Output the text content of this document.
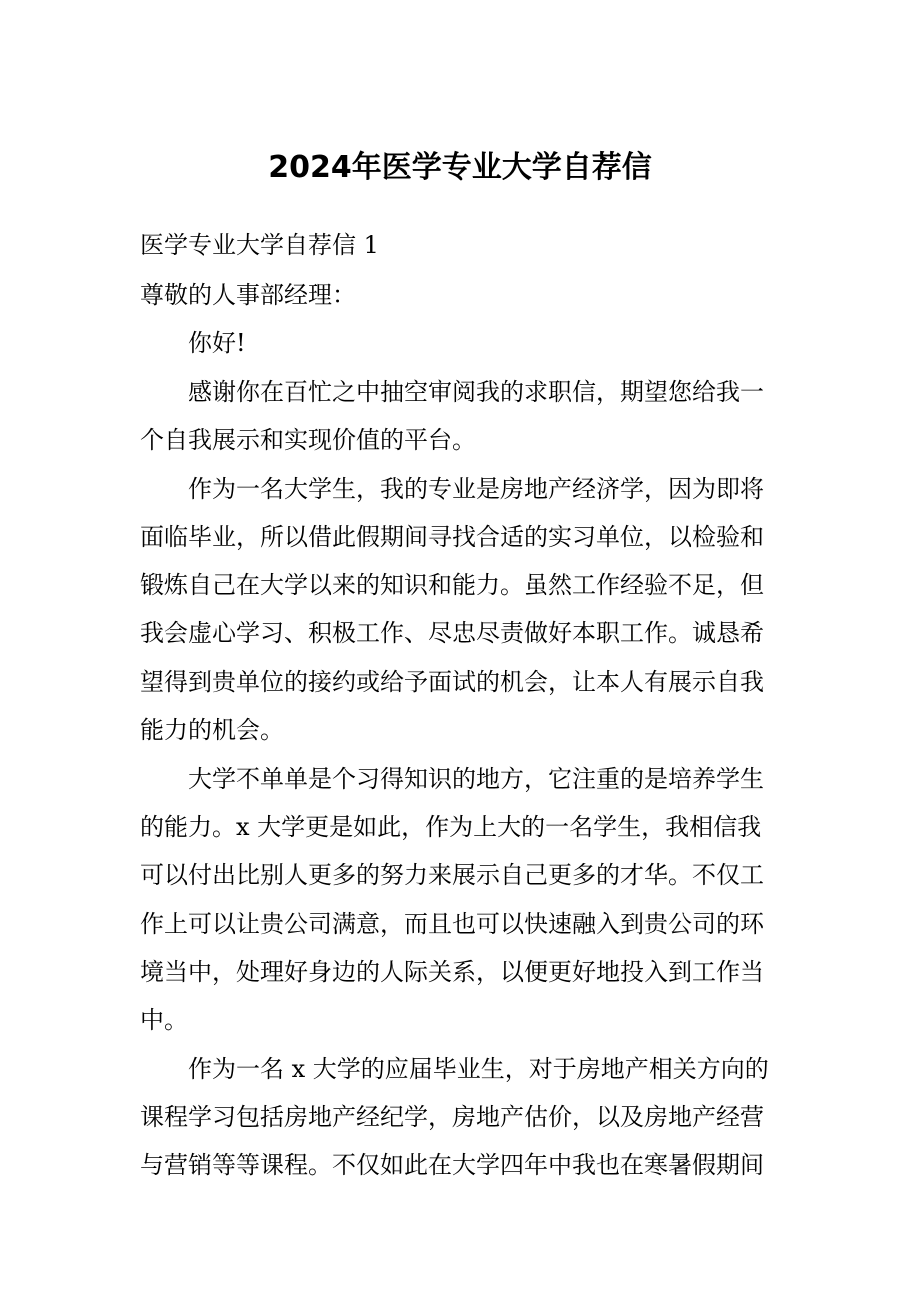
2024年医学专业大学自荐信
医学专业大学自荐信 1
尊敬的人事部经理：
你好!
感谢你在百忙之中抽空审阅我的求职信，期望您给我一
个自我展示和实现价值的平台。
作为一名大学生，我的专业是房地产经济学，因为即将
面临毕业，所以借此假期间寻找合适的实习单位，以检验和
锻炼自己在大学以来的知识和能力。虽然工作经验不足，但
我会虚心学习、积极工作、尽忠尽责做好本职工作。诚恳希
望得到贵单位的接约或给予面试的机会，让本人有展示自我
能力的机会。
大学不单单是个习得知识的地方，它注重的是培养学生
的能力。x 大学更是如此，作为上大的一名学生，我相信我
可以付出比别人更多的努力来展示自己更多的才华。不仅工
作上可以让贵公司满意，而且也可以快速融入到贵公司的环
境当中，处理好身边的人际关系，以便更好地投入到工作当
中。
作为一名 x 大学的应届毕业生，对于房地产相关方向的
课程学习包括房地产经纪学，房地产估价，以及房地产经营
与营销等等课程。不仅如此在大学四年中我也在寒暑假期间
